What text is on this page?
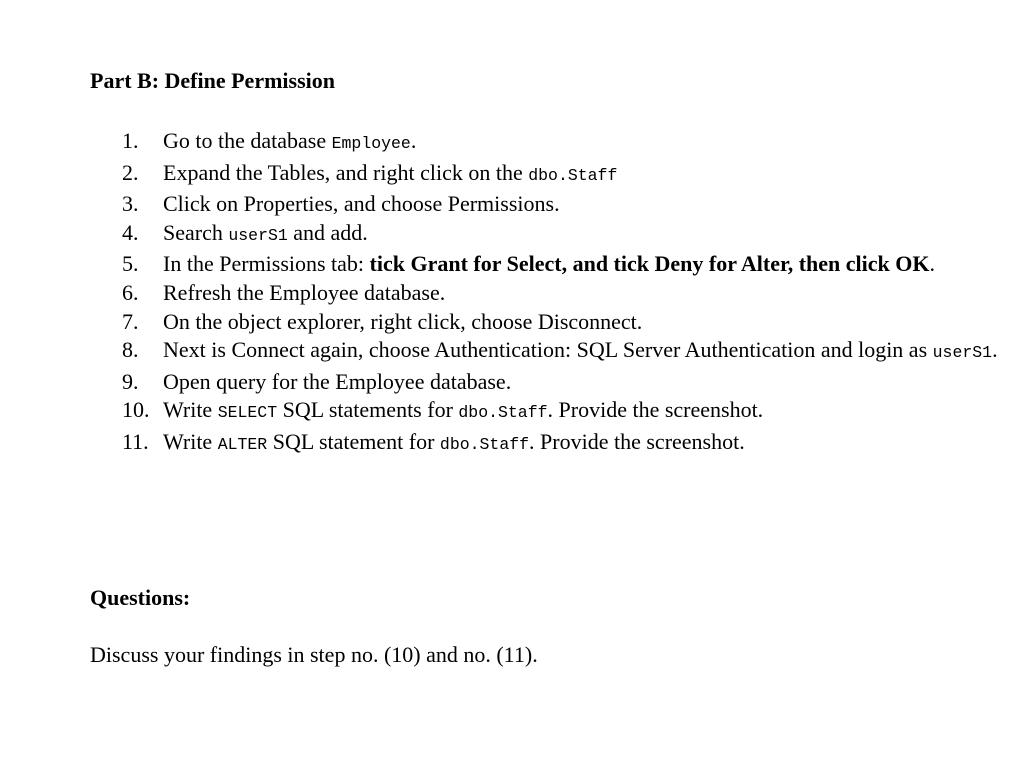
Part B: Define Permission
1. Go to the database Employee.
2. Expand the Tables, and right click on the dbo.Staff
3. Click on Properties, and choose Permissions.
4. Search userS1 and add.
5. In the Permissions tab: tick Grant for Select, and tick Deny for Alter, then click OK.
6. Refresh the Employee database.
7. On the object explorer, right click, choose Disconnect.
8. Next is Connect again, choose Authentication: SQL Server Authentication and login as userS1.
9. Open query for the Employee database.
10. Write SELECT SQL statements for dbo.Staff. Provide the screenshot.
11. Write ALTER SQL statement for dbo.Staff. Provide the screenshot.
Questions:

Discuss your findings in step no. (10) and no. (11).
